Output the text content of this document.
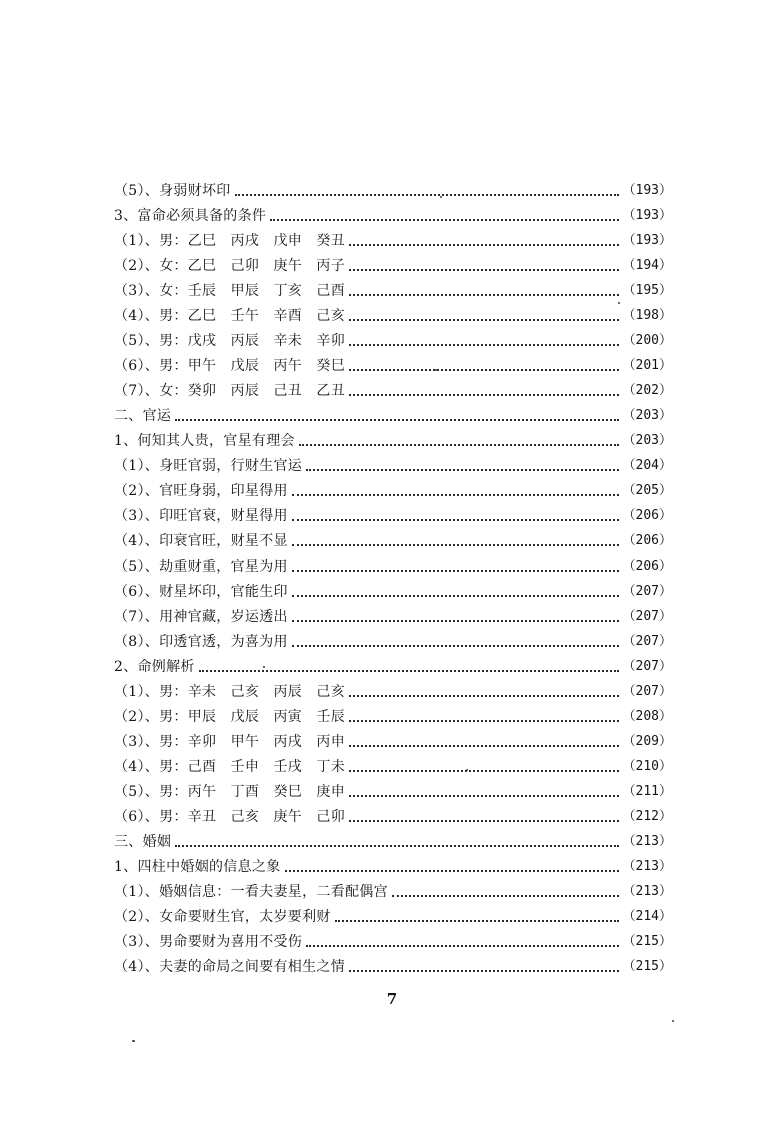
（5）、身弱财坏印	（193）
3、富命必须具备的条件	（193）
（1）、男：乙巳　丙戌　戊申　癸丑	（193）
（2）、女：乙巳　己卯　庚午　丙子	（194）
（3）、女：壬辰　甲辰　丁亥　己酉	（195）
（4）、男：乙巳　壬午　辛酉　己亥	（198）
（5）、男：戊戌　丙辰　辛未　辛卯	（200）
（6）、男：甲午　戊辰　丙午　癸巳	（201）
（7）、女：癸卯　丙辰　己丑　乙丑	（202）
二、官运	（203）
1、何知其人贵，官星有理会	（203）
（1）、身旺官弱，行财生官运	（204）
（2）、官旺身弱，印星得用	（205）
（3）、印旺官衰，财星得用	（206）
（4）、印衰官旺，财星不显	（206）
（5）、劫重财重，官星为用	（206）
（6）、财星坏印，官能生印	（207）
（7）、用神官藏，岁运透出	（207）
（8）、印透官透，为喜为用	（207）
2、命例解析	（207）
（1）、男：辛未　己亥　丙辰　己亥	（207）
（2）、男：甲辰　戊辰　丙寅　壬辰	（208）
（3）、男：辛卯　甲午　丙戌　丙申	（209）
（4）、男：己酉　壬申　壬戌　丁未	（210）
（5）、男：丙午　丁酉　癸巳　庚申	（211）
（6）、男：辛丑　己亥　庚午　己卯	（212）
三、婚姻	（213）
1、四柱中婚姻的信息之象	（213）
（1）、婚姻信息：一看夫妻星，二看配偶宫	（213）
（2）、女命要财生官，太岁要利财	（214）
（3）、男命要财为喜用不受伤	（215）
（4）、夫妻的命局之间要有相生之情	（215）
7
